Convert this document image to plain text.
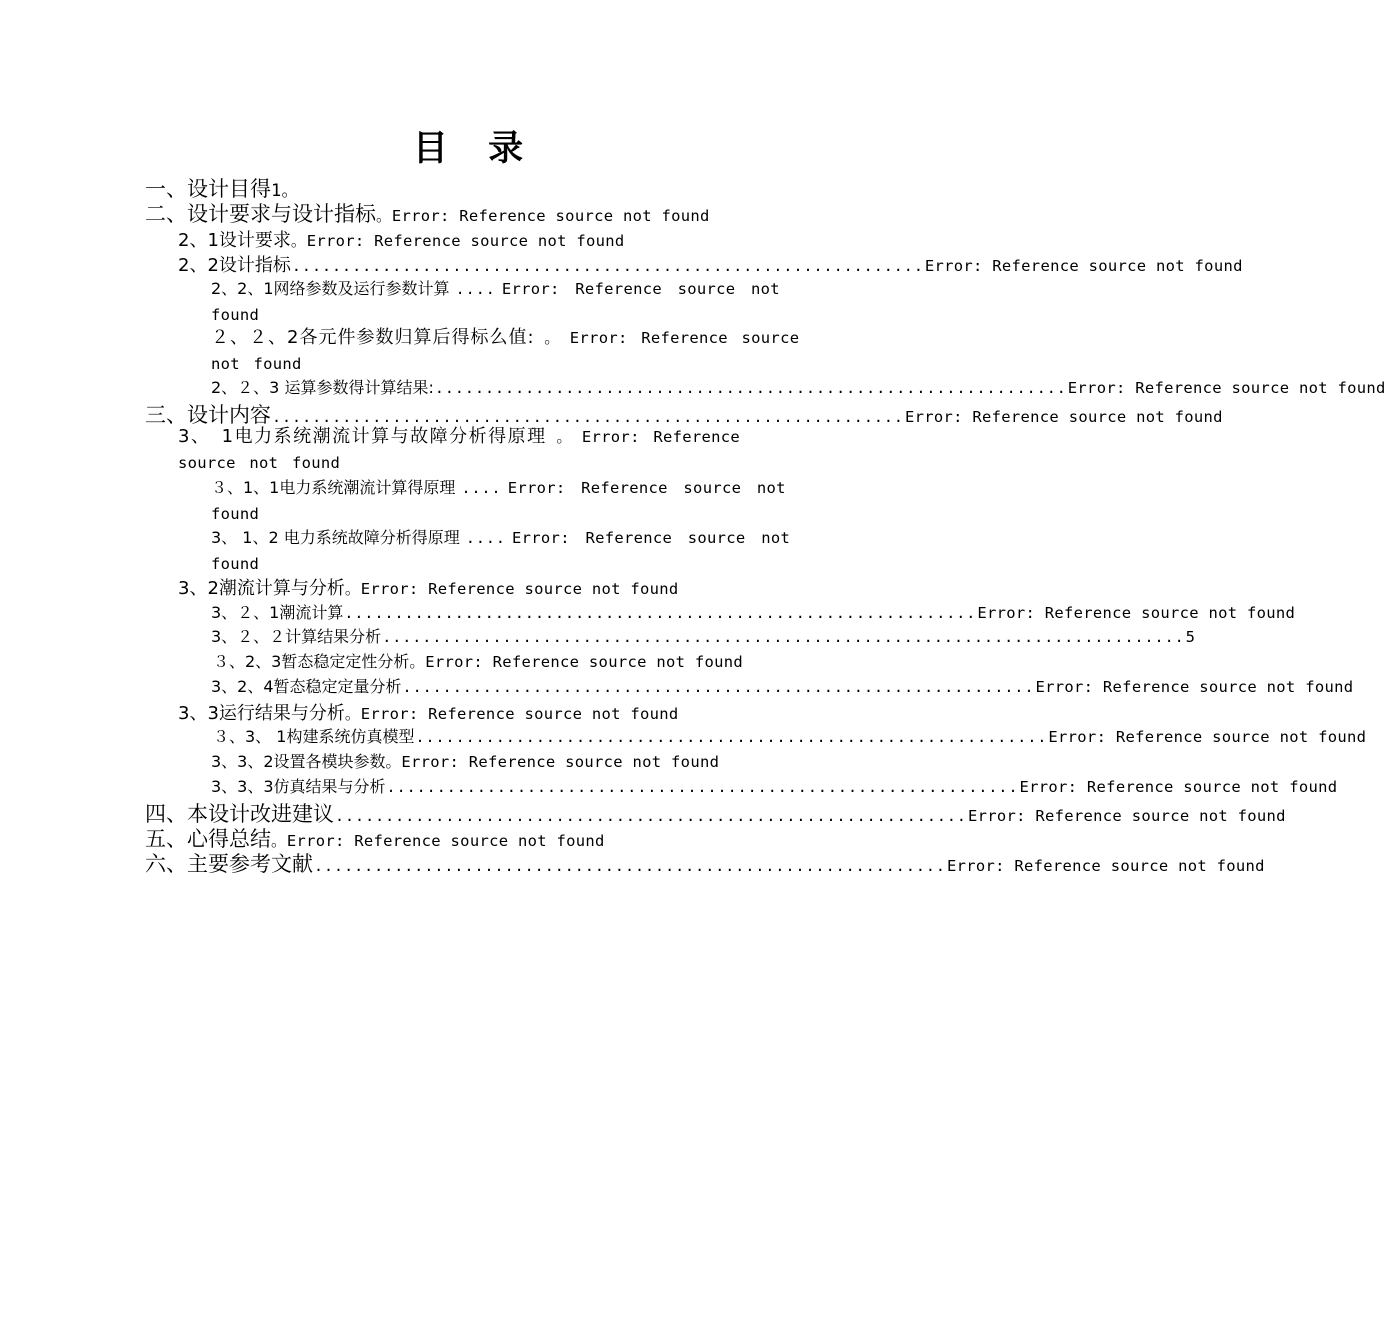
目 录
一、设计目得 1。
二、设计要求与设计指标 。 Error: Reference source not found
2、1设计要求 。 Error: Reference source not found
2、2设计指标 ............................................................... Error: Reference source not found
2、2、1网络参数及运行参数计算 .... Error: Reference source not found
２、２、2各元件参数归算后得标么值: 。 Error: Reference source not found
2、２、3 运算参数得计算结果: ............................................................... Error: Reference source not found
三、设计内容 ............................................................... Error: Reference source not found
3、 1电力系统潮流计算与故障分析得原理 。 Error: Reference source not found
３、1、1电力系统潮流计算得原理 .... Error: Reference source not found
3、 1、2 电力系统故障分析得原理 .... Error: Reference source not found
3、2潮流计算与分析 。 Error: Reference source not found
3、２、1潮流计算 ............................................................... Error: Reference source not found
3、２、２计算结果分析 ................................................................................ 5
３、2、3暂态稳定定性分析 。 Error: Reference source not found
3、2、4暂态稳定定量分析 ............................................................... Error: Reference source not found
3、3运行结果与分析 。 Error: Reference source not found
３、3、 1构建系统仿真模型 ............................................................... Error: Reference source not found
3、3、2设置各模块参数 。 Error: Reference source not found
3、3、3仿真结果与分析 ............................................................... Error: Reference source not found
四、本设计改进建议 ............................................................... Error: Reference source not found
五、心得总结 。 Error: Reference source not found
六、主要参考文献 ............................................................... Error: Reference source not found
